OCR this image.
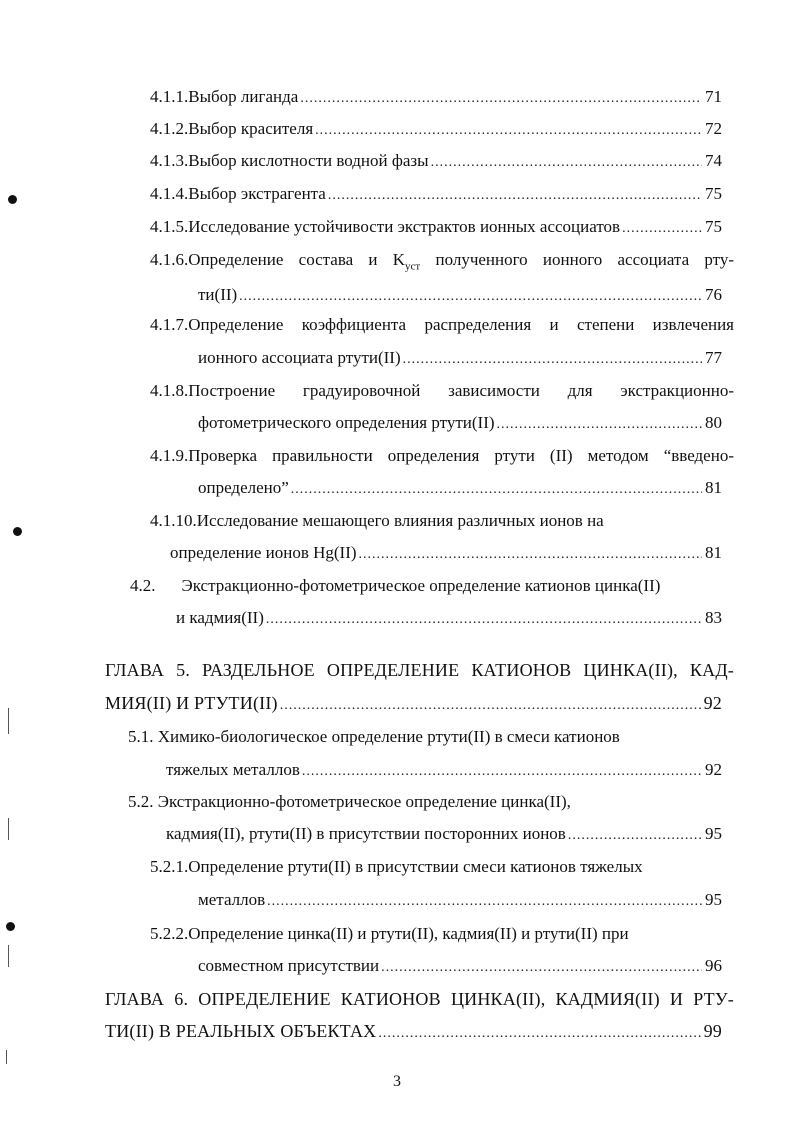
4.1.1.Выбор лиганда .....	71
4.1.2.Выбор красителя .....	72
4.1.3.Выбор кислотности водной фазы .....	74
4.1.4.Выбор экстрагента .....	75
4.1.5.Исследование устойчивости экстрактов ионных ассоциатов .....	75
4.1.6.Определение состава и $K_{уст}$ полученного ионного ассоциата рту-
ти(II) .....	76
4.1.7.Определение коэффициента распределения и степени извлечения
ионного ассоциата ртути(II) .....	77
4.1.8.Построение градуировочной зависимости для экстракционно-
фотометрического определения ртути(II) .....	80
4.1.9.Проверка правильности определения ртути (II) методом “введено-
определено” .....	81
4.1.10.Исследование мешающего влияния различных ионов на
определение ионов Hg(II) .....	81
4.2. Экстракционно-фотометрическое определение катионов цинка(II)
и кадмия(II) .....	83
ГЛАВА 5. РАЗДЕЛЬНОЕ ОПРЕДЕЛЕНИЕ КАТИОНОВ ЦИНКА(II), КАД-
МИЯ(II) И РТУТИ(II) .....	92
5.1. Химико-биологическое определение ртути(II) в смеси катионов
тяжелых металлов .....	92
5.2. Экстракционно-фотометрическое определение цинка(II),
кадмия(II), ртути(II) в присутствии посторонних ионов .....	95
5.2.1.Определение ртути(II) в присутствии смеси катионов тяжелых
металлов .....	95
5.2.2.Определение цинка(II) и ртути(II), кадмия(II) и ртути(II) при
совместном присутствии .....	96
ГЛАВА 6. ОПРЕДЕЛЕНИЕ КАТИОНОВ ЦИНКА(II), КАДМИЯ(II) И РТУ-
ТИ(II) В РЕАЛЬНЫХ ОБЪЕКТАХ .....	99
3
